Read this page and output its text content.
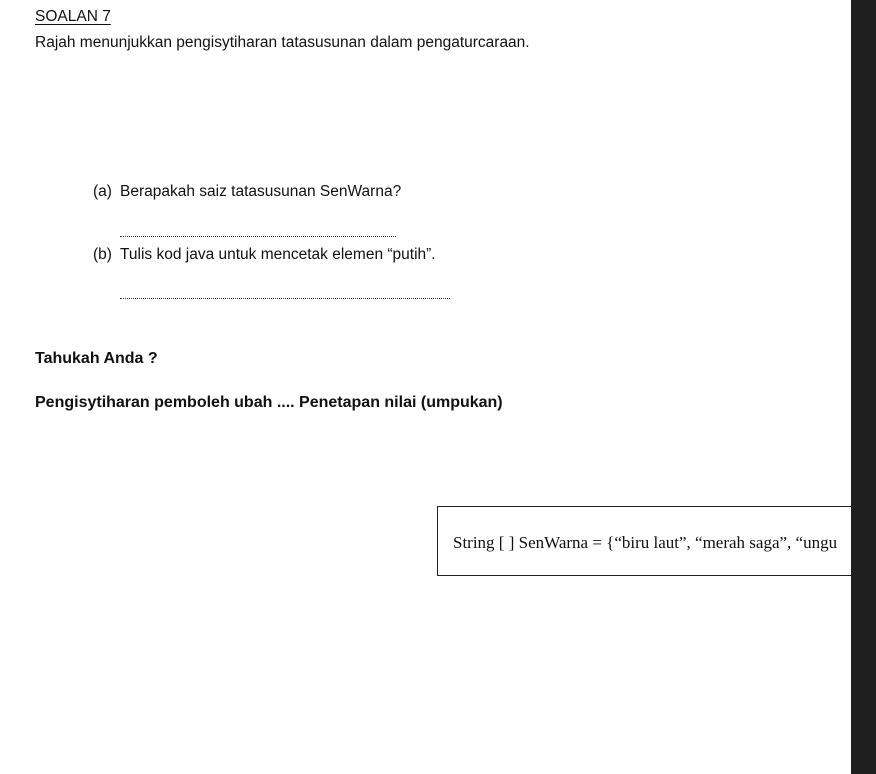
SOALAN 7
Rajah menunjukkan pengisytiharan tatasusunan dalam pengaturcaraan.
(a) Berapakah saiz tatasusunan SenWarna?
(b) Tulis kod java untuk mencetak elemen “putih”.
Tahukah Anda ?
Pengisytiharan pemboleh ubah .... Penetapan nilai (umpukan)
String [ ] SenWarna = {“biru laut”, “merah saga”, “ungu
